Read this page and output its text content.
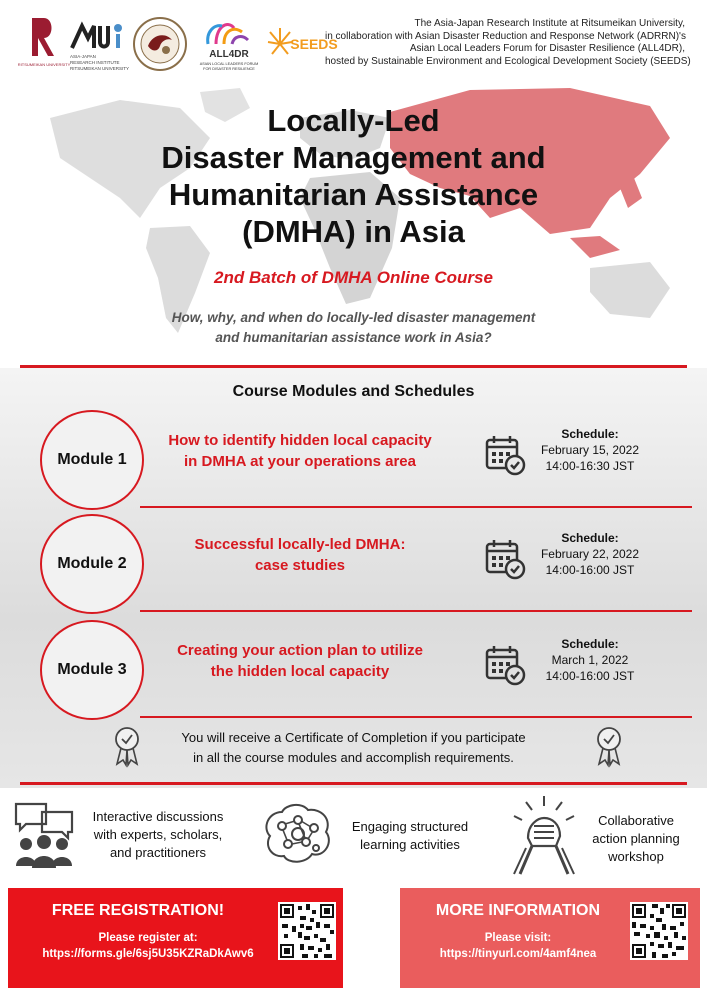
RITSUMEIKAN UNIVERSITY
ASIA-JAPAN
RESEARCH INSTITUTE
RITSUMEIKAN UNIVERSITY
ALL4DR
ASIAN LOCAL LEADERS FORUM
FOR DISASTER RESILIENCE
SEEDS
The Asia-Japan Research Institute at Ritsumeikan University,
in collaboration with Asian Disaster Reduction and Response Network (ADRRN)'s
Asian Local Leaders Forum for Disaster Resilience (ALL4DR),
hosted by Sustainable Environment and Ecological Development Society (SEEDS)
Locally-Led
Disaster Management and
Humanitarian Assistance
(DMHA) in Asia
2nd Batch of DMHA Online Course
How, why, and when do locally-led disaster management
and humanitarian assistance work in Asia?
Course Modules and Schedules
Module 1
How to identify hidden local capacity
in DMHA at your operations area
Schedule:
February 15, 2022
14:00-16:30 JST
Module 2
Successful locally-led DMHA:
case studies
Schedule:
February 22, 2022
14:00-16:00 JST
Module 3
Creating your action plan to utilize
the hidden local capacity
Schedule:
March 1, 2022
14:00-16:00 JST
You will receive a Certificate of Completion if you participate
in all the course modules and accomplish requirements.
Interactive discussions
with experts, scholars,
and practitioners
Engaging structured
learning activities
Collaborative
action planning
workshop
FREE REGISTRATION!
Please register at:
https://forms.gle/6sj5U35KZRaDkAwv6
MORE INFORMATION
Please visit:
https://tinyurl.com/4amf4nea
